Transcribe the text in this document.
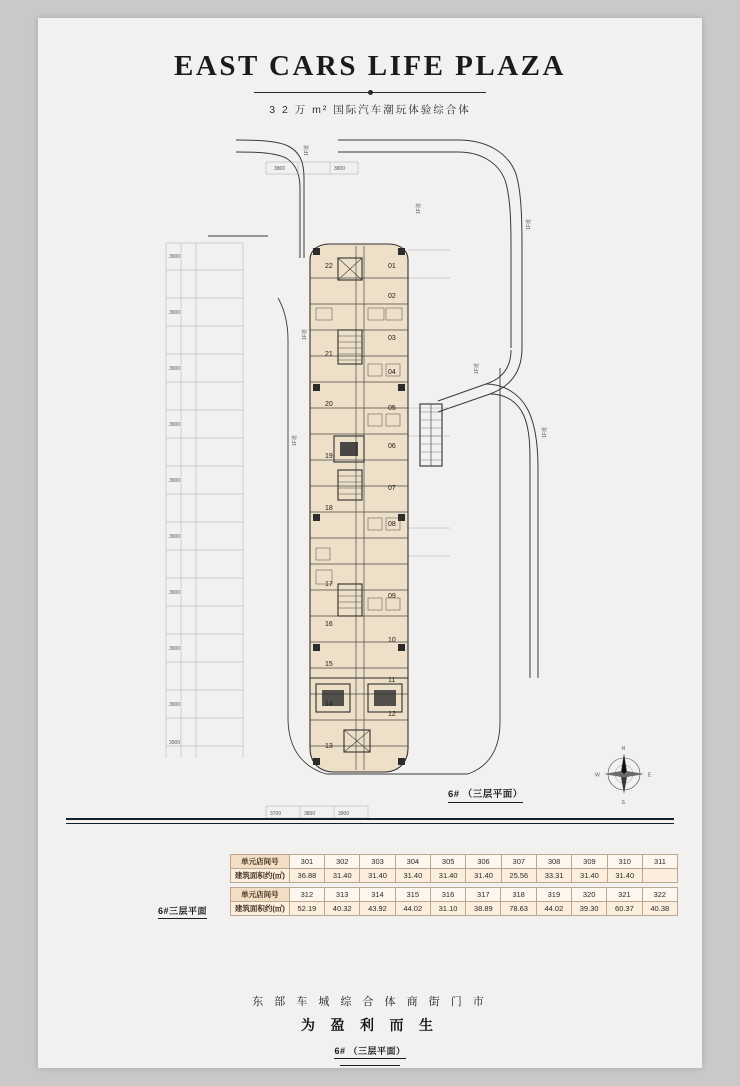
EAST CARS LIFE PLAZA
3 2 万 m² 国际汽车潮玩体验综合体
3900
3900
3900
3900
3900
3900
3900
3900
3900
3900
3800	3800
3700	3800	3900
1F道
1F道
1F道
1F道
1F道
1F道
1F道
22
21
20
19
18
17
16
15
14
13
01
02
03
04
05
06
07
08
09
10
11
12
N
S
E
W
6# （三层平面）
6#三层平面
单元店间号	301	302	303	304	305	306	307	308	309	310	311
建筑面积约(㎡)	36.88	31.40	31.40	31.40	31.40	31.40	25.56	33.31	31.40	31.40	
单元店间号	312	313	314	315	316	317	318	319	320	321	322
建筑面积约(㎡)	52.19	40.32	43.92	44.02	31.10	38.89	78.63	44.02	39.30	60.37	40.38
东 部 车 城 综 合 体 商 街 门 市
为 盈 利 而 生
6# （三层平面）
